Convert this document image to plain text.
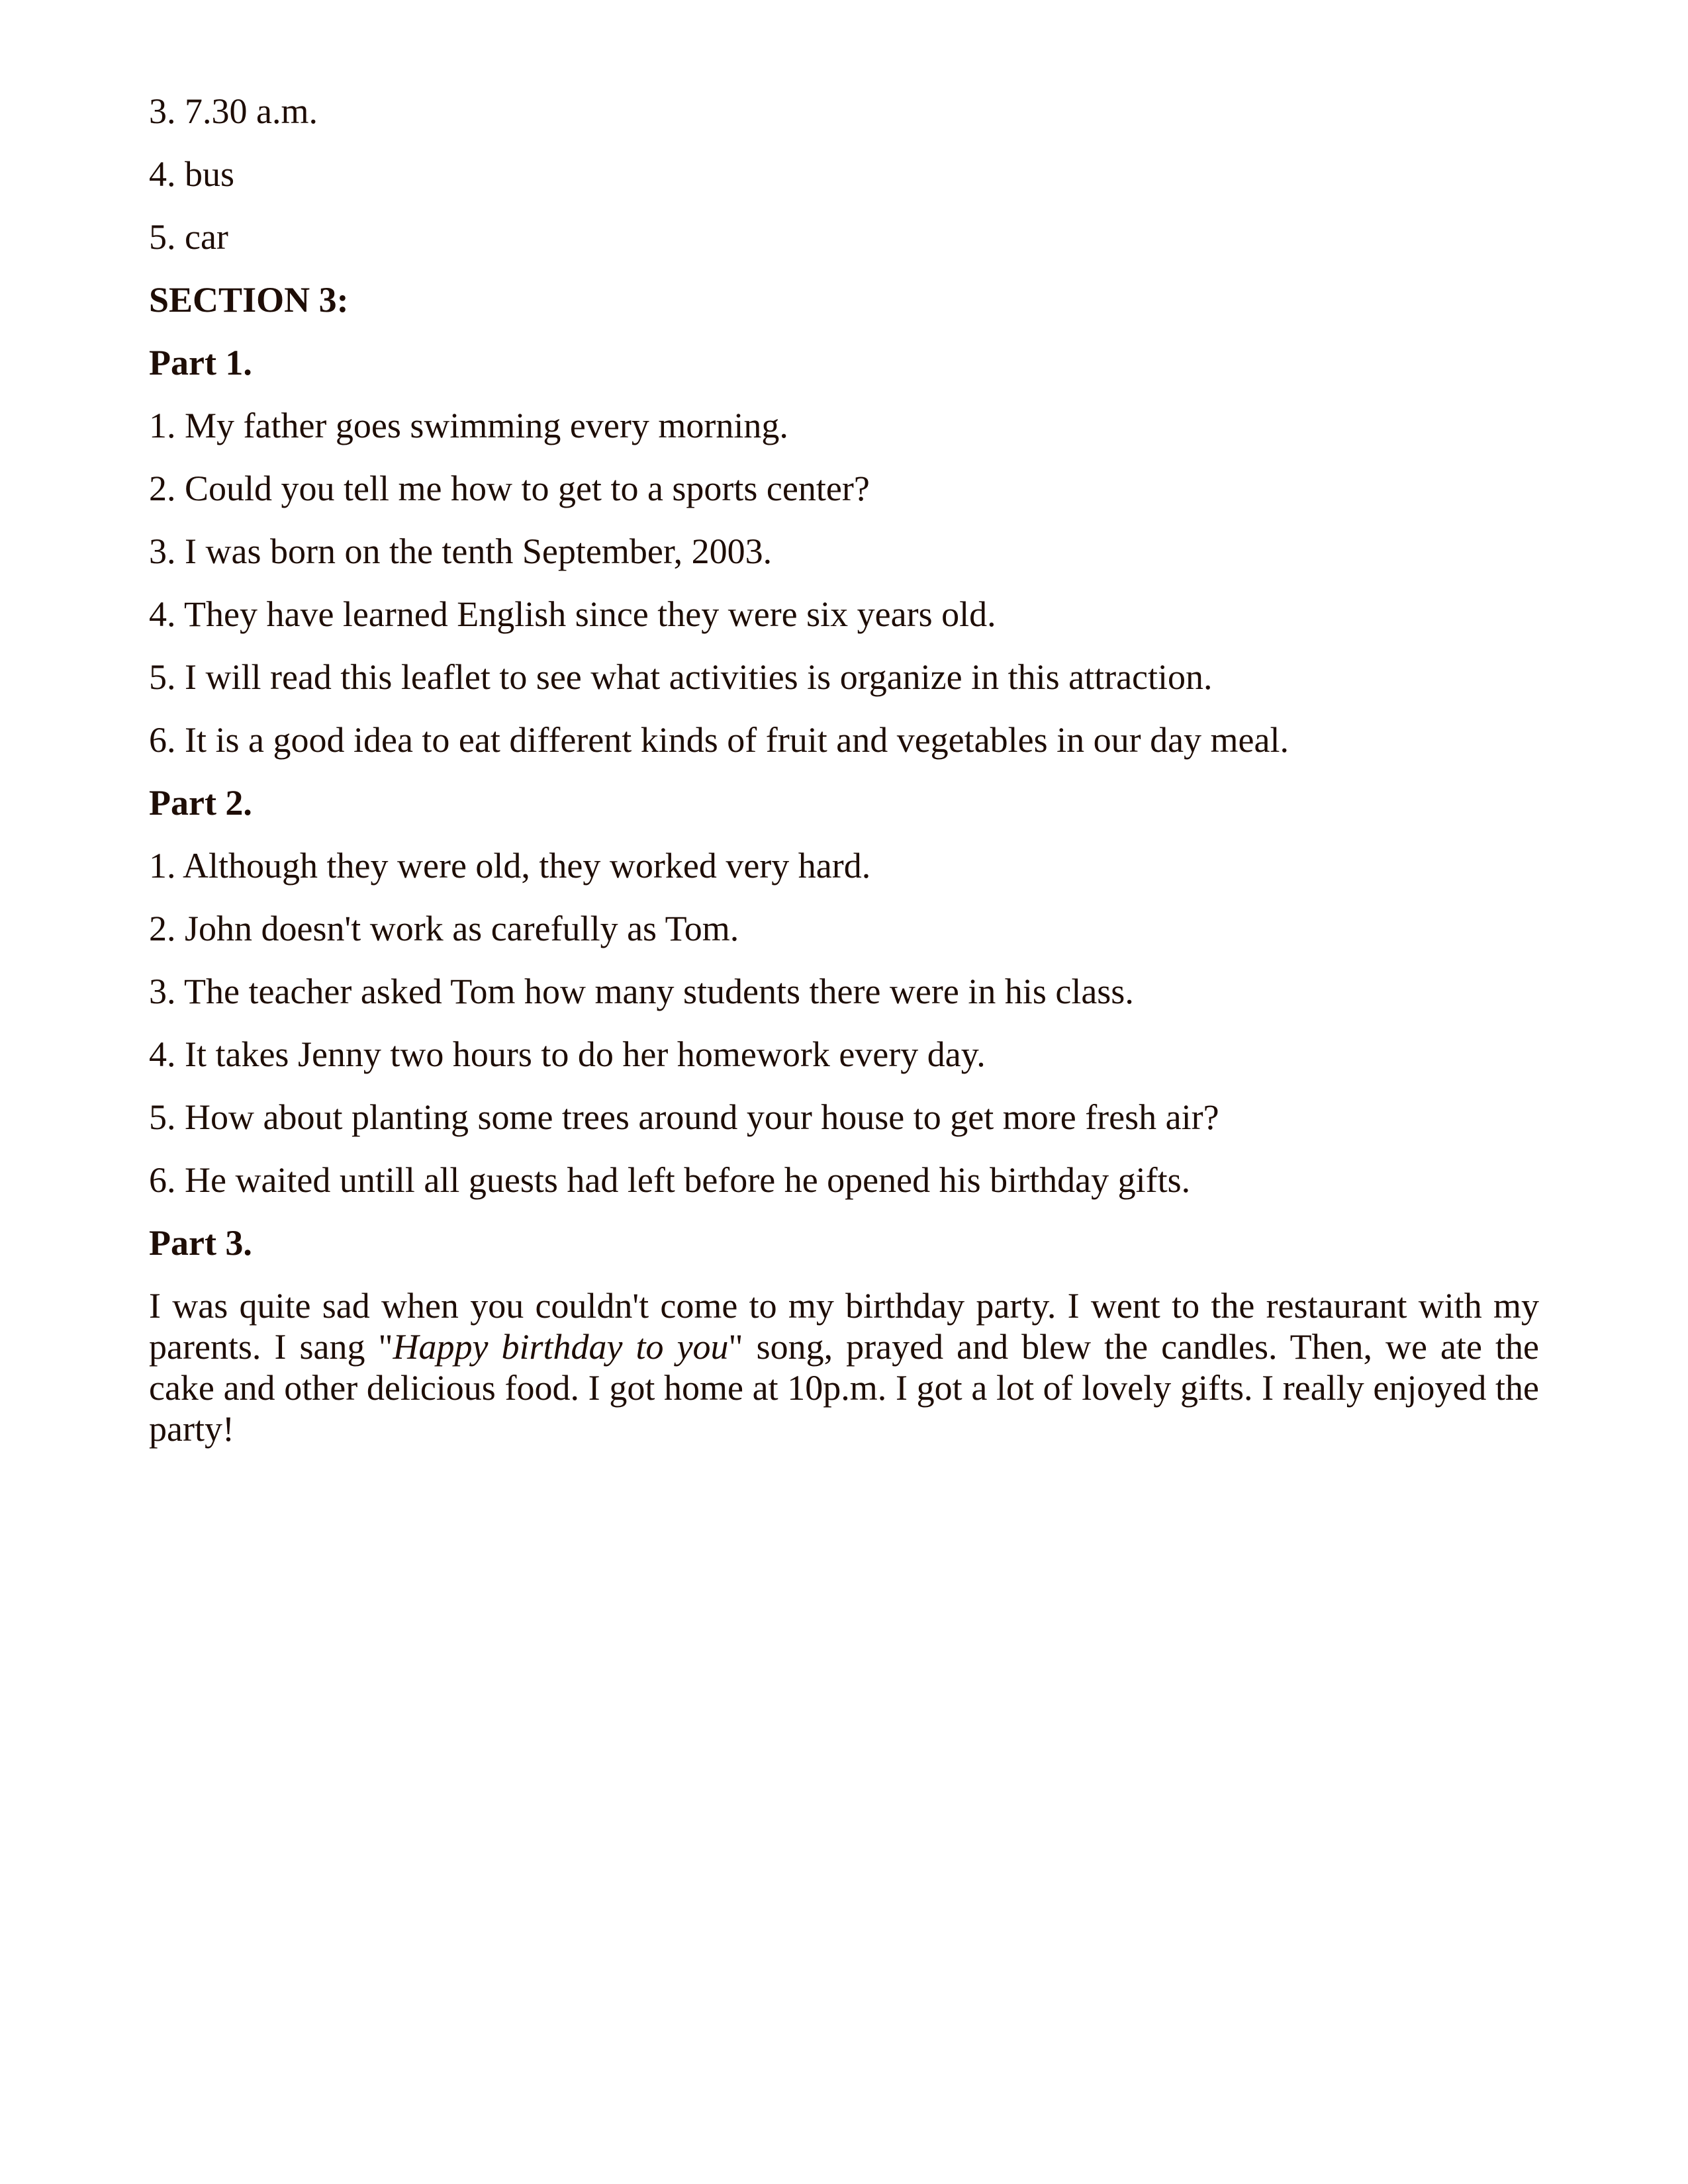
3. 7.30 a.m.

4. bus

5. car

SECTION 3:

Part 1.

1. My father goes swimming every morning.

2. Could you tell me how to get to a sports center?

3. I was born on the tenth September, 2003.

4. They have learned English since they were six years old.

5. I will read this leaflet to see what activities is organize in this attraction.

6. It is a good idea to eat different kinds of fruit and vegetables in our day meal.

Part 2.

1. Although they were old, they worked very hard.

2. John doesn't work as carefully as Tom.

3. The teacher asked Tom how many students there were in his class.

4. It takes Jenny two hours to do her homework every day.

5. How about planting some trees around your house to get more fresh air?

6. He waited untill all guests had left before he opened his birthday gifts.

Part 3.

I was quite sad when you couldn't come to my birthday party. I went to the restaurant with my parents. I sang "Happy birthday to you" song, prayed and blew the candles. Then, we ate the cake and other delicious food. I got home at 10p.m. I got a lot of lovely gifts. I really enjoyed the party!
